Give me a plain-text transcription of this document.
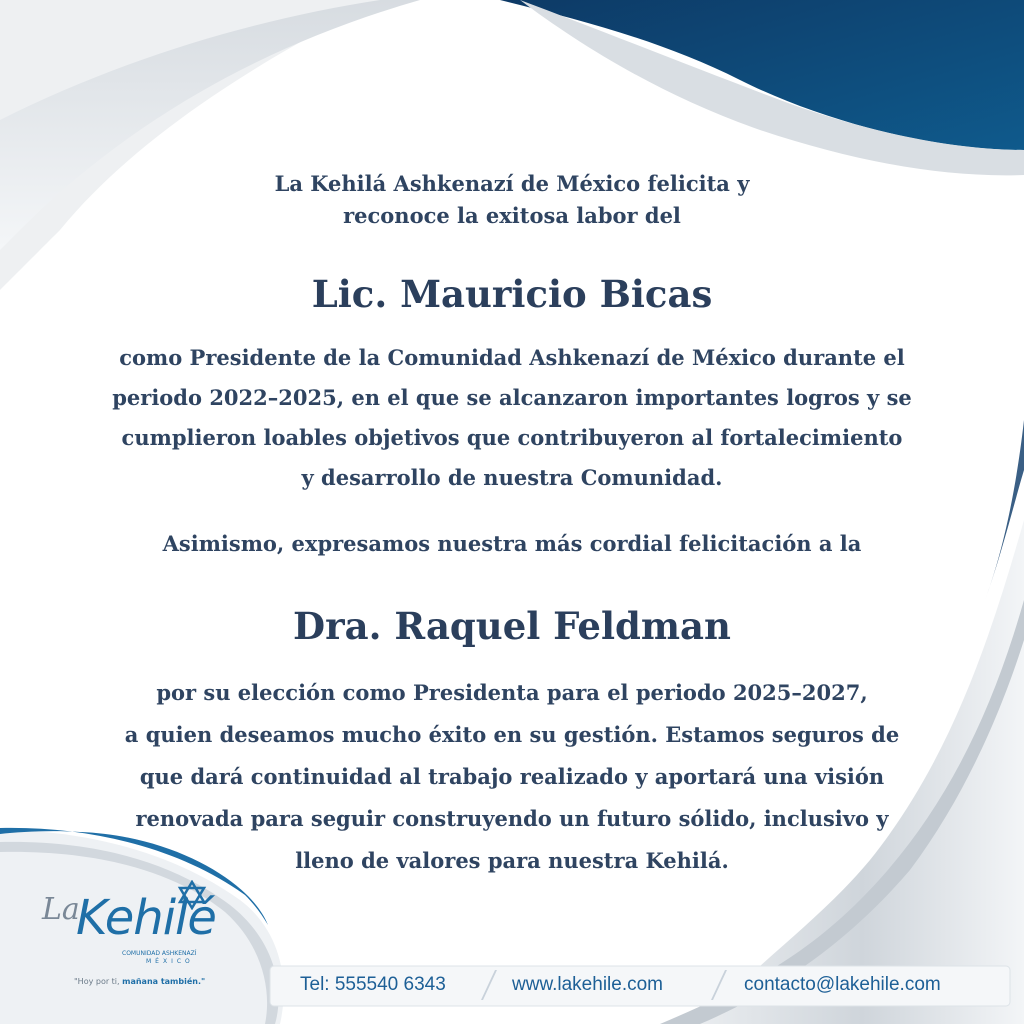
La Kehilá Ashkenazí de México felicita y
reconoce la exitosa labor del
Lic. Mauricio Bicas
como Presidente de la Comunidad Ashkenazí de México durante el
periodo 2022–2025, en el que se alcanzaron importantes logros y se
cumplieron loables objetivos que contribuyeron al fortalecimiento
y desarrollo de nuestra Comunidad.
Asimismo, expresamos nuestra más cordial felicitación a la
Dra. Raquel Feldman
por su elección como Presidenta para el periodo 2025–2027,
a quien deseamos mucho éxito en su gestión. Estamos seguros de
que dará continuidad al trabajo realizado y aportará una visión
renovada para seguir construyendo un futuro sólido, inclusivo y
lleno de valores para nuestra Kehilá.
La
Kehilé
COMUNIDAD ASHKENAZÍ
MÉXICO
"Hoy por ti, mañana también."	Tel: 555540 6343	www.lakehile.com	contacto@lakehile.com
